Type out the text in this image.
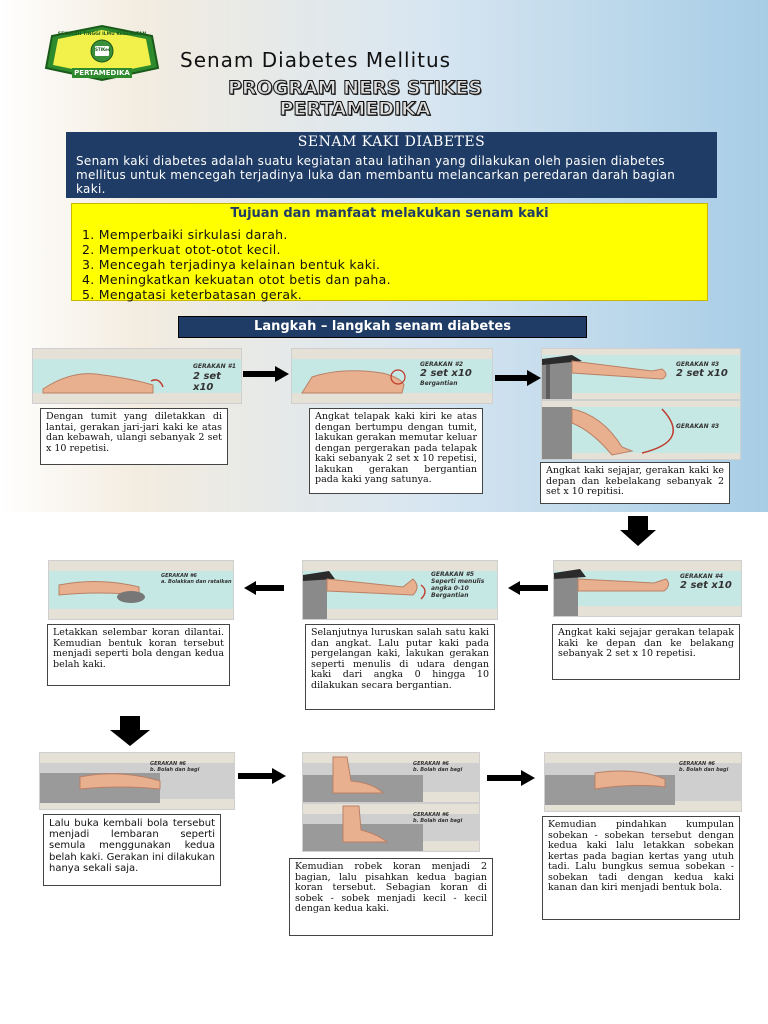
SEKOLAH TINGGI ILMU KESEHATAN
STIKes
PERTAMEDIKA
Senam Diabetes Mellitus
PROGRAM NERS STIKES
PERTAMEDIKA
SENAM KAKI DIABETES
Senam kaki diabetes adalah suatu kegiatan atau latihan yang dilakukan oleh pasien diabetes mellitus untuk mencegah terjadinya luka dan membantu melancarkan peredaran darah bagian kaki.
Tujuan dan manfaat melakukan senam kaki
1. Memperbaiki sirkulasi darah.
2. Memperkuat otot-otot kecil.
3. Mencegah terjadinya kelainan bentuk kaki.
4. Meningkatkan kekuatan otot betis dan paha.
5. Mengatasi keterbatasan gerak.
Langkah – langkah senam diabetes
GERAKAN #1
2 set x10
GERAKAN #2
2 set x10
Bergantian
GERAKAN #3
2 set x10
GERAKAN #3
Dengan tumit yang diletakkan di lantai, gerakan jari-jari kaki ke atas dan kebawah, ulangi sebanyak 2 set x 10 repetisi.
Angkat telapak kaki kiri ke atas dengan bertumpu dengan tumit, lakukan gerakan memutar keluar dengan pergerakan pada telapak kaki sebanyak 2 set x 10 repetisi, lakukan gerakan bergantian pada kaki yang satunya.
Angkat kaki sejajar, gerakan kaki ke depan dan kebelakang sebanyak 2 set x 10 repitisi.
GERAKAN #6
a. Bolakkan dan rataikan
GERAKAN #5
Seperti menulis
angka 0-10
Bergantian
GERAKAN #4
2 set x10
Letakkan selembar koran dilantai. Kemudian bentuk koran tersebut menjadi seperti bola dengan kedua belah kaki.
Selanjutnya luruskan salah satu kaki dan angkat. Lalu putar kaki pada pergelangan kaki, lakukan gerakan seperti menulis di udara dengan kaki dari angka 0 hingga 10 dilakukan secara bergantian.
Angkat kaki sejajar gerakan telapak kaki ke depan dan ke belakang sebanyak 2 set x 10 repetisi.
GERAKAN #6
b. Bolah dan bagi
GERAKAN #6
b. Bolah dan bagi
GERAKAN #6
b. Bolah dan bagi
GERAKAN #6
b. Bolah dan bagi
Lalu buka kembali bola tersebut menjadi lembaran seperti semula menggunakan kedua belah kaki. Gerakan ini dilakukan hanya sekali saja.	Kemudian robek koran menjadi 2 bagian, lalu pisahkan kedua bagian koran tersebut. Sebagian koran di sobek - sobek menjadi kecil - kecil dengan kedua kaki.
Kemudian pindahkan kumpulan sobekan - sobekan tersebut dengan kedua kaki lalu letakkan sobekan kertas pada bagian kertas yang utuh tadi. Lalu bungkus semua sobekan - sobekan tadi dengan kedua kaki kanan dan kiri menjadi bentuk bola.
